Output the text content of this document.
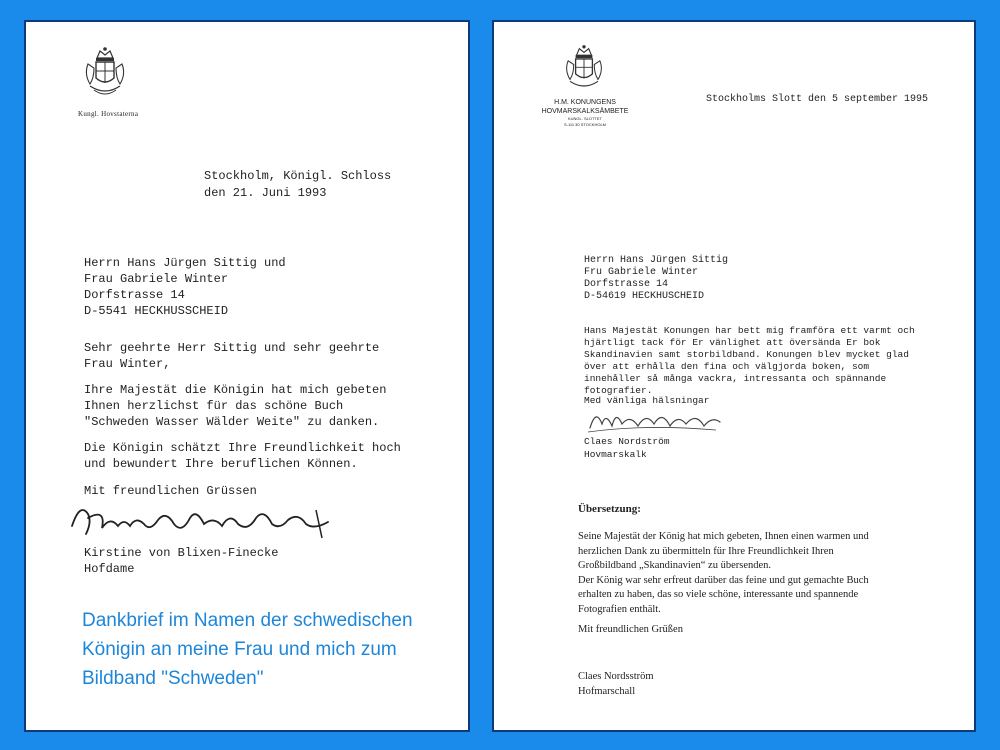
Kungl. Hovstaterna
Stockholm, Königl. Schloss
den 21. Juni 1993
Herrn Hans Jürgen Sittig und
Frau Gabriele Winter
Dorfstrasse 14
D-5541 HECKHUSSCHEID
Sehr geehrte Herr Sittig und sehr geehrte
Frau Winter,
Ihre Majestät die Königin hat mich gebeten
Ihnen herzlichst für das schöne Buch
"Schweden Wasser Wälder Weite" zu danken.
Die Königin schätzt Ihre Freundlichkeit hoch
und bewundert Ihre beruflichen Können.
Mit freundlichen Grüssen
Kirstine von Blixen-Finecke
Hofdame
Dankbrief im Namen der schwedischen
Königin an meine Frau und mich zum
Bildband "Schweden"
H.M. KONUNGENS
HOVMARSKALKSÄMBETE
KUNGL. SLOTTET
S-111 30 STOCKHOLM
Stockholms Slott den 5 september 1995
Herrn Hans Jürgen Sittig
Fru Gabriele Winter
Dorfstrasse 14
D-54619 HECKHUSCHEID
Hans Majestät Konungen har bett mig framföra ett varmt och
hjärtligt tack för Er vänlighet att översända Er bok
Skandinavien samt storbildband. Konungen blev mycket glad
över att erhålla den fina och välgjorda boken, som
innehåller så många vackra, intressanta och spännande
fotografier.
Med vänliga hälsningar
Claes Nordström
Hovmarskalk
Übersetzung:
Seine Majestät der König hat mich gebeten, Ihnen einen warmen und
herzlichen Dank zu übermitteln für Ihre Freundlichkeit Ihren
Großbildband „Skandinavien“ zu übersenden.
Der König war sehr erfreut darüber das feine und gut gemachte Buch
erhalten zu haben, das so viele schöne, interessante und spannende
Fotografien enthält.
Mit freundlichen Grüßen
Claes Nordsström
Hofmarschall
